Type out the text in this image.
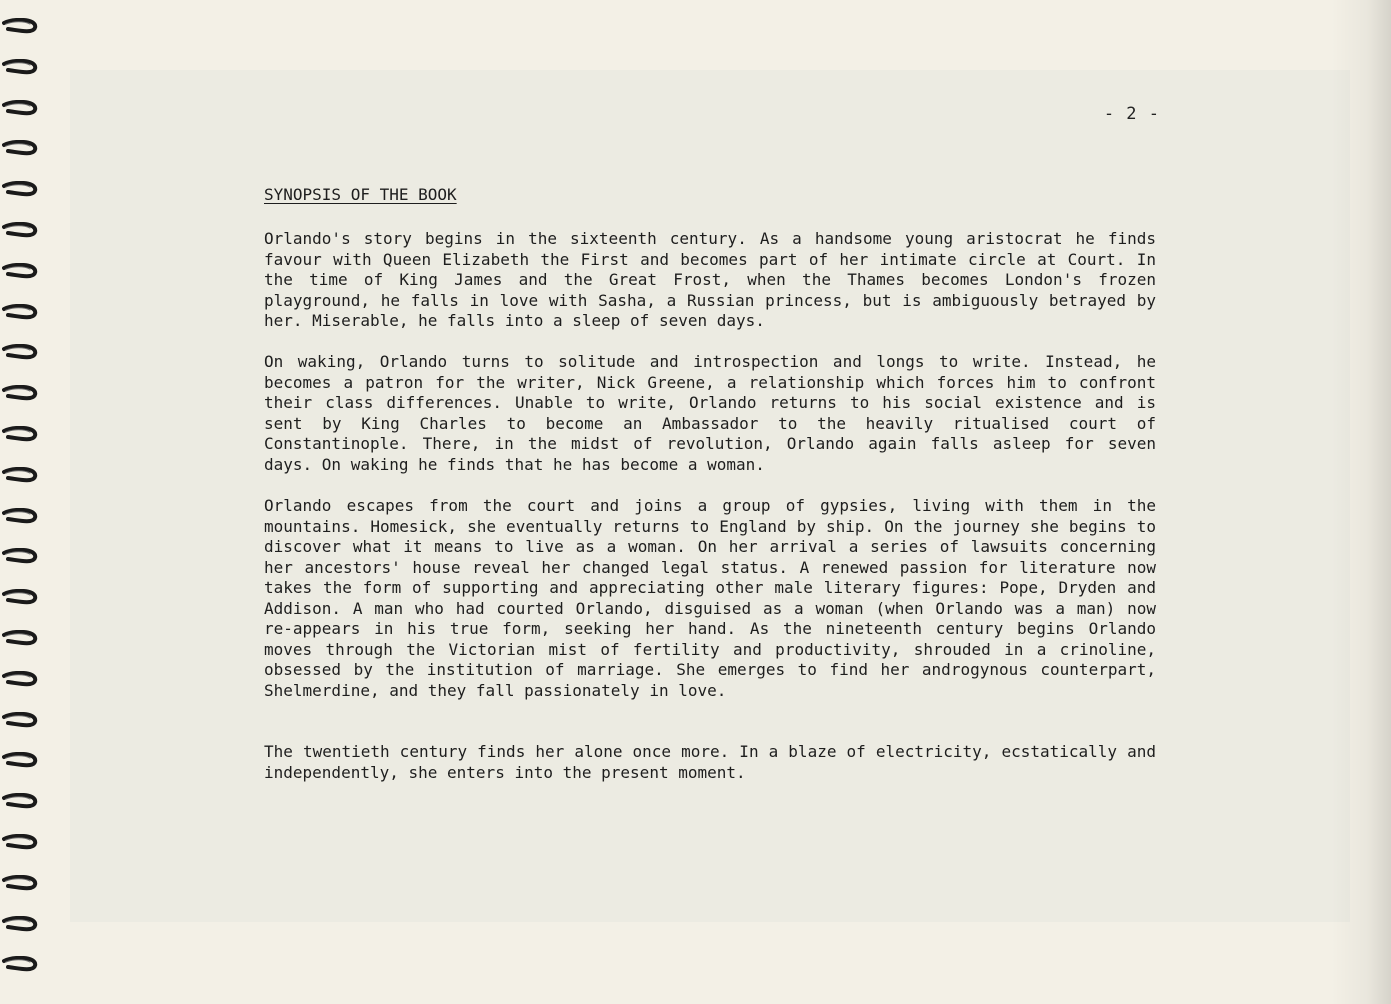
- 2 -
SYNOPSIS OF THE BOOK

Orlando's story begins in the sixteenth century. As a handsome young aristocrat he finds favour with Queen Elizabeth the First and becomes part of her intimate circle at Court. In the time of King James and the Great Frost, when the Thames becomes London's frozen playground, he falls in love with Sasha, a Russian princess, but is ambiguously betrayed by her. Miserable, he falls into a sleep of seven days.

On waking, Orlando turns to solitude and introspection and longs to write. Instead, he becomes a patron for the writer, Nick Greene, a relationship which forces him to confront their class differences. Unable to write, Orlando returns to his social existence and is sent by King Charles to become an Ambassador to the heavily ritualised court of Constantinople. There, in the midst of revolution, Orlando again falls asleep for seven days. On waking he finds that he has become a woman.

Orlando escapes from the court and joins a group of gypsies, living with them in the mountains. Homesick, she eventually returns to England by ship. On the journey she begins to discover what it means to live as a woman. On her arrival a series of lawsuits concerning her ancestors' house reveal her changed legal status. A renewed passion for literature now takes the form of supporting and appreciating other male literary figures: Pope, Dryden and Addison. A man who had courted Orlando, disguised as a woman (when Orlando was a man) now re-appears in his true form, seeking her hand. As the nineteenth century begins Orlando moves through the Victorian mist of fertility and productivity, shrouded in a crinoline, obsessed by the institution of marriage. She emerges to find her androgynous counterpart, Shelmerdine, and they fall passionately in love.

The twentieth century finds her alone once more. In a blaze of electricity, ecstatically and independently, she enters into the present moment.
